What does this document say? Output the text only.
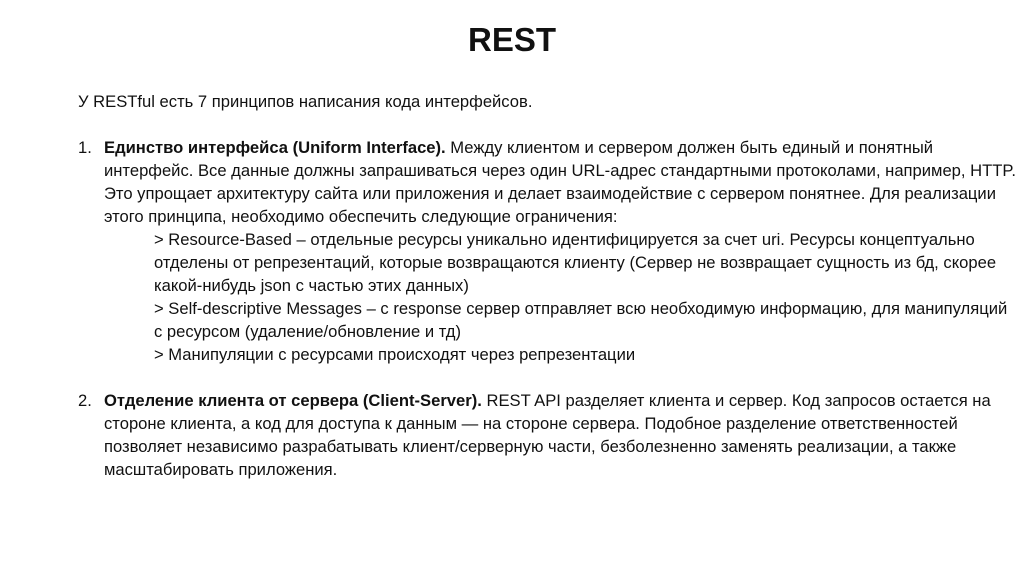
REST
У RESTful есть 7 принципов написания кода интерфейсов.
1. Единство интерфейса (Uniform Interface). Между клиентом и сервером должен быть единый и понятный интерфейс. Все данные должны запрашиваться через один URL-адрес стандартными протоколами, например, HTTP. Это упрощает архитектуру сайта или приложения и делает взаимодействие с сервером понятнее. Для реализации этого принципа, необходимо обеспечить следующие ограничения:
> Resource-Based – отдельные ресурсы уникально идентифицируется за счет uri. Ресурсы концептуально отделены от репрезентаций, которые возвращаются клиенту (Сервер не возвращает сущность из бд, скорее какой-нибудь json с частью этих данных)
> Self-descriptive Messages – с response сервер отправляет всю необходимую информацию, для манипуляций с ресурсом (удаление/обновление и тд)
> Манипуляции с ресурсами происходят через репрезентации
2. Отделение клиента от сервера (Client-Server). REST API разделяет клиента и сервер. Код запросов остается на стороне клиента, а код для доступа к данным — на стороне сервера. Подобное разделение ответственностей позволяет независимо разрабатывать клиент/серверную части, безболезненно заменять реализации, а также масштабировать приложения.
